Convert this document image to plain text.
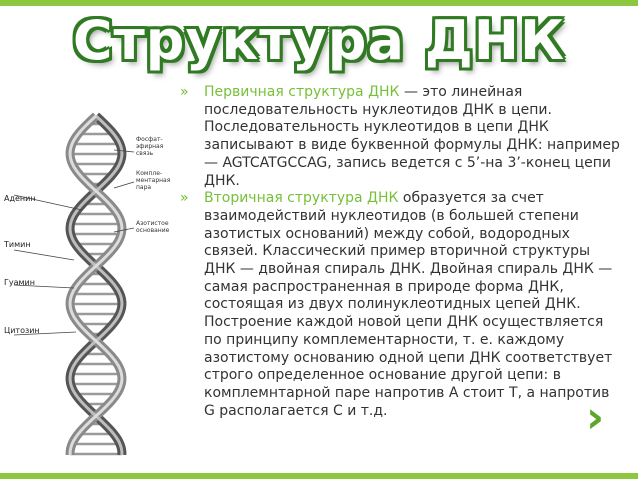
Структура ДНК
Фосфат-
эфирная
связь
Компле-
ментарная
пара
Азотистое
основание
Аденин
Тимин
Гуамин
Цитозин
» Первичная структура ДНК — это линейная последовательность нуклеотидов ДНК в цепи. Последовательность нуклеотидов в цепи ДНК записывают в виде буквенной формулы ДНК: например — AGTCATGCCAG, запись ведется с 5’-на 3’-конец цепи ДНК.
» Вторичная структура ДНК образуется за счет взаимодействий нуклеотидов (в большей степени азотистых оснований) между собой, водородных связей. Классический пример вторичной структуры ДНК — двойная спираль ДНК. Двойная спираль ДНК — самая распространенная в природе форма ДНК, состоящая из двух полинуклеотидных цепей ДНК. Построение каждой новой цепи ДНК осуществляется по принципу комплементарности, т. е. каждому азотистому основанию одной цепи ДНК соответствует строго определенное основание другой цепи: в комплемнтарной паре напротив А стоит Т, а напротив G располагается С и т.д.	›
